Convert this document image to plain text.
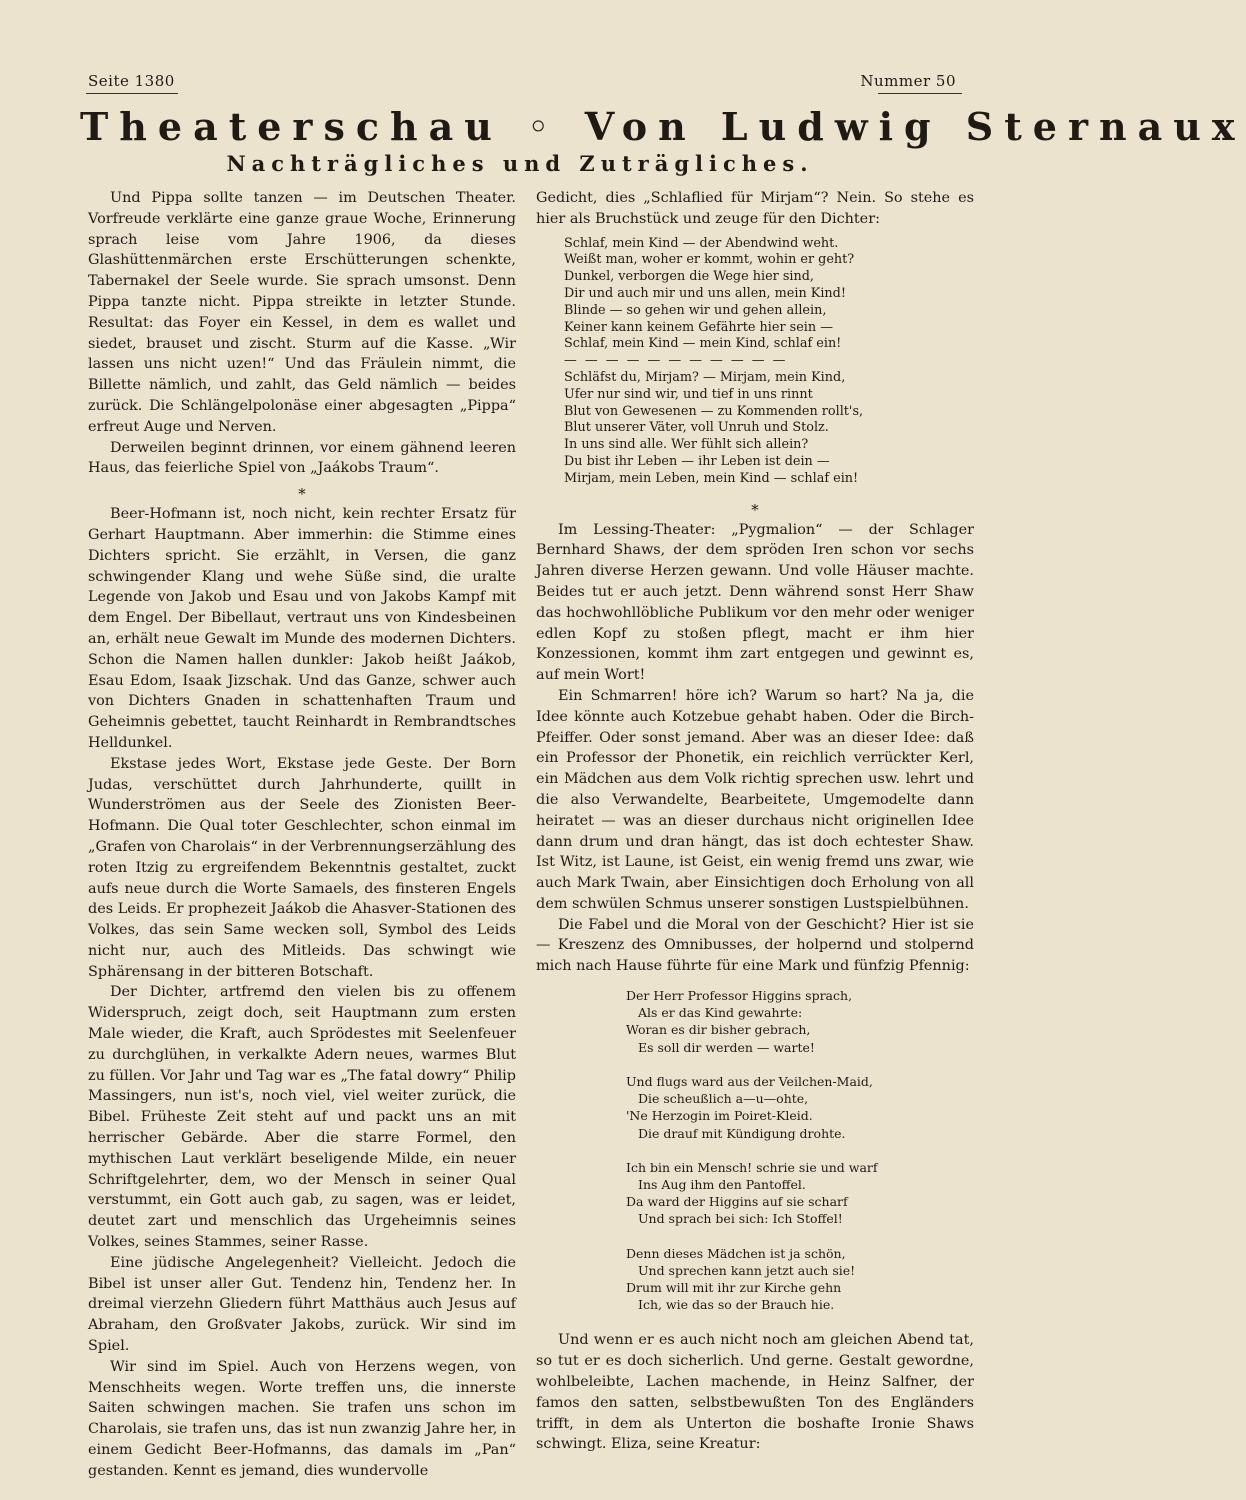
Seite 1380	Nummer 50
Theaterschau ◦ Von Ludwig Sternaux
Nachträgliches und Zuträgliches.

Und Pippa sollte tanzen — im Deutschen Theater. Vorfreude verklärte eine ganze graue Woche, Erinnerung sprach leise vom Jahre 1906, da dieses Glashüttenmärchen erste Erschütterungen schenkte, Tabernakel der Seele wurde. Sie sprach umsonst. Denn Pippa tanzte nicht. Pippa streikte in letzter Stunde. Resultat: das Foyer ein Kessel, in dem es wallet und siedet, brauset und zischt. Sturm auf die Kasse. „Wir lassen uns nicht uzen!“ Und das Fräulein nimmt, die Billette nämlich, und zahlt, das Geld nämlich — beides zurück. Die Schlängelpolonäse einer abgesagten „Pippa“ erfreut Auge und Nerven.

Derweilen beginnt drinnen, vor einem gähnend leeren Haus, das feierliche Spiel von „Jaákobs Traum“.

∗

Beer-Hofmann ist, noch nicht, kein rechter Ersatz für Gerhart Hauptmann. Aber immerhin: die Stimme eines Dichters spricht. Sie erzählt, in Versen, die ganz schwingender Klang und wehe Süße sind, die uralte Legende von Jakob und Esau und von Jakobs Kampf mit dem Engel. Der Bibellaut, vertraut uns von Kindesbeinen an, erhält neue Gewalt im Munde des modernen Dichters. Schon die Namen hallen dunkler: Jakob heißt Jaákob, Esau Edom, Isaak Jizschak. Und das Ganze, schwer auch von Dichters Gnaden in schattenhaften Traum und Geheimnis gebettet, taucht Reinhardt in Rembrandtsches Helldunkel.

Ekstase jedes Wort, Ekstase jede Geste. Der Born Judas, verschüttet durch Jahrhunderte, quillt in Wunderströmen aus der Seele des Zionisten Beer-Hofmann. Die Qual toter Geschlechter, schon einmal im „Grafen von Charolais“ in der Verbrennungserzählung des roten Itzig zu ergreifendem Bekenntnis gestaltet, zuckt aufs neue durch die Worte Samaels, des finsteren Engels des Leids. Er prophezeit Jaákob die Ahasver-Stationen des Volkes, das sein Same wecken soll, Symbol des Leids nicht nur, auch des Mitleids. Das schwingt wie Sphärensang in der bitteren Botschaft.

Der Dichter, artfremd den vielen bis zu offenem Widerspruch, zeigt doch, seit Hauptmann zum ersten Male wieder, die Kraft, auch Sprödestes mit Seelenfeuer zu durchglühen, in verkalkte Adern neues, warmes Blut zu füllen. Vor Jahr und Tag war es „The fatal dowry“ Philip Massingers, nun ist's, noch viel, viel weiter zurück, die Bibel. Früheste Zeit steht auf und packt uns an mit herrischer Gebärde. Aber die starre Formel, den mythischen Laut verklärt beseligende Milde, ein neuer Schriftgelehrter, dem, wo der Mensch in seiner Qual verstummt, ein Gott auch gab, zu sagen, was er leidet, deutet zart und menschlich das Urgeheimnis seines Volkes, seines Stammes, seiner Rasse.

Eine jüdische Angelegenheit? Vielleicht. Jedoch die Bibel ist unser aller Gut. Tendenz hin, Tendenz her. In dreimal vierzehn Gliedern führt Matthäus auch Jesus auf Abraham, den Großvater Jakobs, zurück. Wir sind im Spiel.

Wir sind im Spiel. Auch von Herzens wegen, von Menschheits wegen. Worte treffen uns, die innerste Saiten schwingen machen. Sie trafen uns schon im Charolais, sie trafen uns, das ist nun zwanzig Jahre her, in einem Gedicht Beer-Hofmanns, das damals im „Pan“ gestanden. Kennt es jemand, dies wundervolle

Gedicht, dies „Schlaflied für Mirjam“? Nein. So stehe es hier als Bruchstück und zeuge für den Dichter:

Schlaf, mein Kind — der Abendwind weht.
Weißt man, woher er kommt, wohin er geht?
Dunkel, verborgen die Wege hier sind,
Dir und auch mir und uns allen, mein Kind!
Blinde — so gehen wir und gehen allein,
Keiner kann keinem Gefährte hier sein —
Schlaf, mein Kind — mein Kind, schlaf ein!
— — — — — — — — — — —
Schläfst du, Mirjam? — Mirjam, mein Kind,
Ufer nur sind wir, und tief in uns rinnt
Blut von Gewesenen — zu Kommenden rollt's,
Blut unserer Väter, voll Unruh und Stolz.
In uns sind alle. Wer fühlt sich allein?
Du bist ihr Leben — ihr Leben ist dein —
Mirjam, mein Leben, mein Kind — schlaf ein!
∗

Im Lessing-Theater: „Pygmalion“ — der Schlager Bernhard Shaws, der dem spröden Iren schon vor sechs Jahren diverse Herzen gewann. Und volle Häuser machte. Beides tut er auch jetzt. Denn während sonst Herr Shaw das hochwohllöbliche Publikum vor den mehr oder weniger edlen Kopf zu stoßen pflegt, macht er ihm hier Konzessionen, kommt ihm zart entgegen und gewinnt es, auf mein Wort!

Ein Schmarren! höre ich? Warum so hart? Na ja, die Idee könnte auch Kotzebue gehabt haben. Oder die Birch-Pfeiffer. Oder sonst jemand. Aber was an dieser Idee: daß ein Professor der Phonetik, ein reichlich verrückter Kerl, ein Mädchen aus dem Volk richtig sprechen usw. lehrt und die also Verwandelte, Bearbeitete, Umgemodelte dann heiratet — was an dieser durchaus nicht originellen Idee dann drum und dran hängt, das ist doch echtester Shaw. Ist Witz, ist Laune, ist Geist, ein wenig fremd uns zwar, wie auch Mark Twain, aber Einsichtigen doch Erholung von all dem schwülen Schmus unserer sonstigen Lustspielbühnen.

Die Fabel und die Moral von der Geschicht? Hier ist sie — Kreszenz des Omnibusses, der holpernd und stolpernd mich nach Hause führte für eine Mark und fünfzig Pfennig:

Der Herr Professor Higgins sprach,
Als er das Kind gewahrte:
Woran es dir bisher gebrach,
Es soll dir werden — warte!
Und flugs ward aus der Veilchen-Maid,
Die scheußlich a—u—ohte,
'Ne Herzogin im Poiret-Kleid.
Die drauf mit Kündigung drohte.
Ich bin ein Mensch! schrie sie und warf
Ins Aug ihm den Pantoffel.
Da ward der Higgins auf sie scharf
Und sprach bei sich: Ich Stoffel!
Denn dieses Mädchen ist ja schön,
Und sprechen kann jetzt auch sie!
Drum will mit ihr zur Kirche gehn
Ich, wie das so der Brauch hie.

Und wenn er es auch nicht noch am gleichen Abend tat, so tut er es doch sicherlich. Und gerne. Gestalt gewordne, wohlbeleibte, Lachen machende, in Heinz Salfner, der famos den satten, selbstbewußten Ton des Engländers trifft, in dem als Unterton die boshafte Ironie Shaws schwingt. Eliza, seine Kreatur:
